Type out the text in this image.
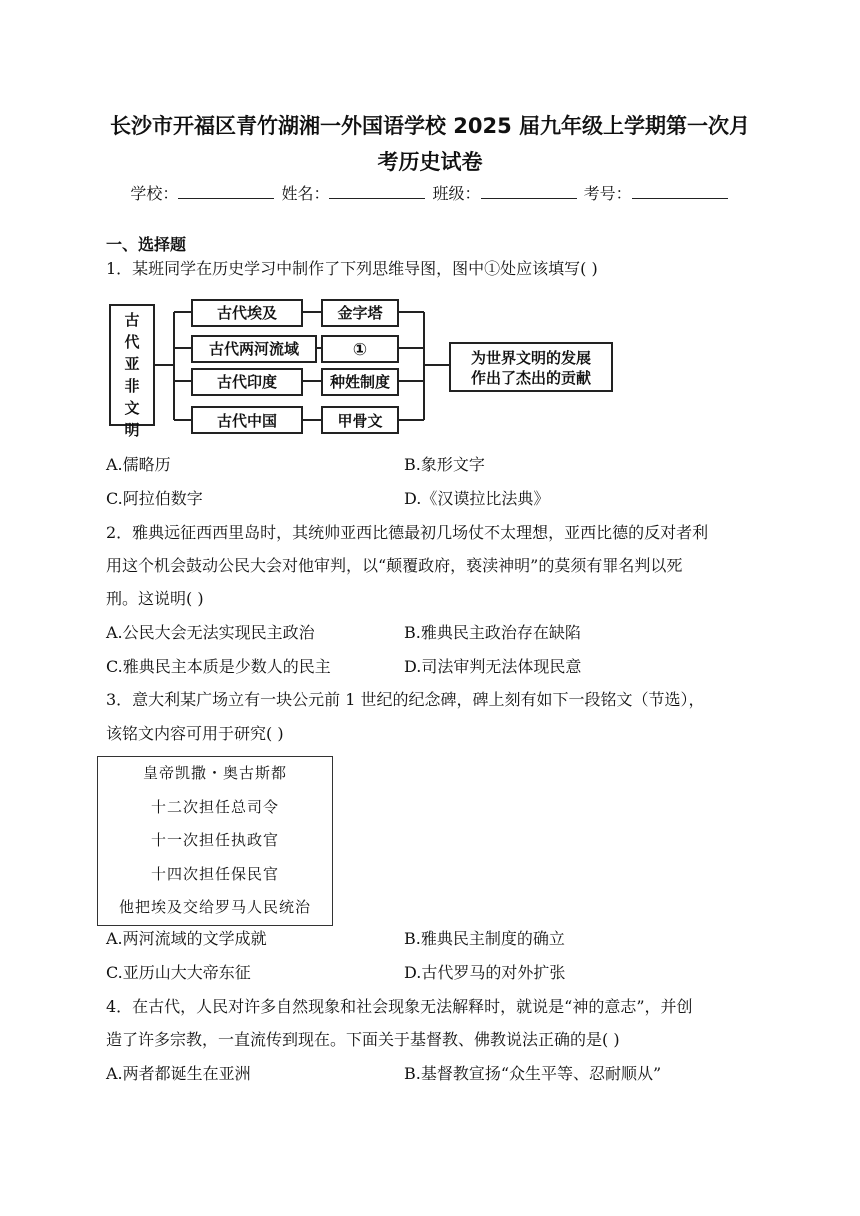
长沙市开福区青竹湖湘一外国语学校 2025 届九年级上学期第一次月
考历史试卷
学校：	姓名：	班级：	考号：
一、选择题
1．某班同学在历史学习中制作了下列思维导图，图中①处应该填写( )
古
代
亚
非
文
明
古代埃及
古代两河流域
古代印度
古代中国
金字塔
①
种姓制度
甲骨文
为世界文明的发展
作出了杰出的贡献
A.儒略历	B.象形文字
C.阿拉伯数字	D.《汉谟拉比法典》
2．雅典远征西西里岛时，其统帅亚西比德最初几场仗不太理想，亚西比德的反对者利
用这个机会鼓动公民大会对他审判，以“颠覆政府，亵渎神明”的莫须有罪名判以死
刑。这说明( )
A.公民大会无法实现民主政治	B.雅典民主政治存在缺陷
C.雅典民主本质是少数人的民主	D.司法审判无法体现民意
3．意大利某广场立有一块公元前 1 世纪的纪念碑，碑上刻有如下一段铭文（节选），
该铭文内容可用于研究( )
皇帝凯撒・奥古斯都
十二次担任总司令
十一次担任执政官
十四次担任保民官
他把埃及交给罗马人民统治
A.两河流域的文学成就	B.雅典民主制度的确立
C.亚历山大大帝东征	D.古代罗马的对外扩张
4．在古代，人民对许多自然现象和社会现象无法解释时，就说是“神的意志”，并创
造了许多宗教，一直流传到现在。下面关于基督教、佛教说法正确的是( )
A.两者都诞生在亚洲	B.基督教宣扬“众生平等、忍耐顺从”
